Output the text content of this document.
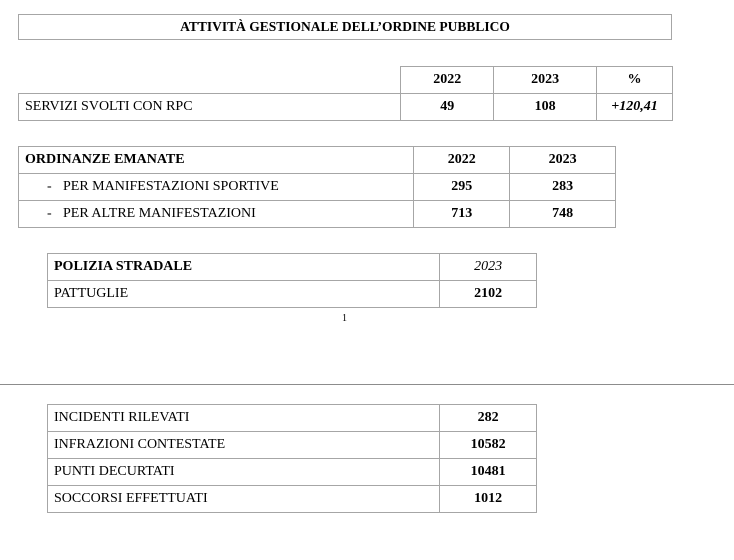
ATTIVITÀ GESTIONALE DELL’ORDINE PUBBLICO
	2022	2023	%
SERVIZI SVOLTI CON RPC	49	108	+120,41
ORDINANZE EMANATE	2022	2023
- PER MANIFESTAZIONI SPORTIVE	295	283
- PER ALTRE MANIFESTAZIONI	713	748
POLIZIA STRADALE	2023
PATTUGLIE	2102
1
INCIDENTI RILEVATI	282
INFRAZIONI CONTESTATE	10582
PUNTI DECURTATI	10481
SOCCORSI EFFETTUATI	1012
